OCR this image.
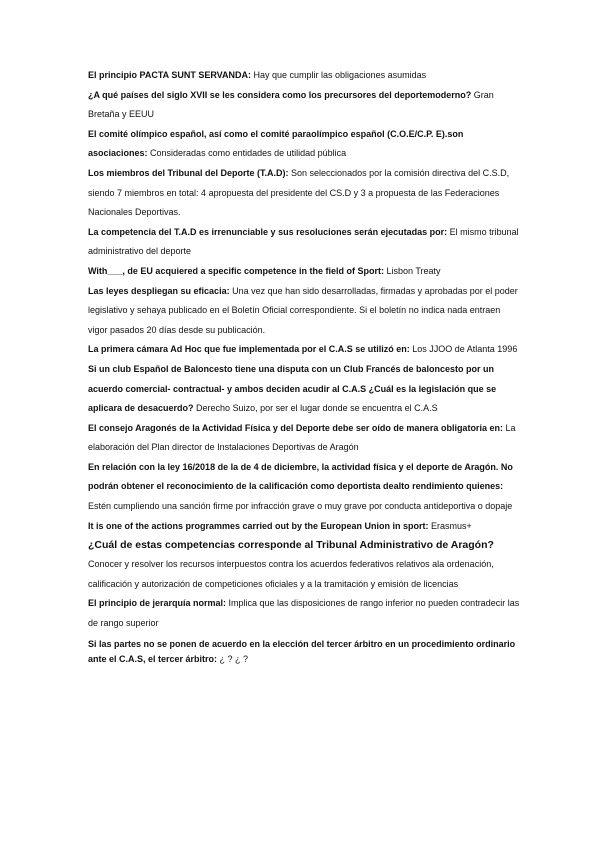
El principio PACTA SUNT SERVANDA: Hay que cumplir las obligaciones asumidas

¿A qué países del siglo XVII se les considera como los precursores del deportemoderno? Gran Bretaña y EEUU

El comité olímpico español, así como el comité paraolímpico español (C.O.E/C.P. E).son asociaciones: Consideradas como entidades de utilidad pública

Los miembros del Tribunal del Deporte (T.A.D): Son seleccionados por la comisión directiva del C.S.D, siendo 7 miembros en total: 4 apropuesta del presidente del CS.D y 3 a propuesta de las Federaciones Nacionales Deportivas.

La competencia del T.A.D es irrenunciable y sus resoluciones serán ejecutadas por: El mismo tribunal administrativo del deporte

With___, de EU acquiered a specific competence in the field of Sport: Lisbon Treaty

Las leyes despliegan su eficacia: Una vez que han sido desarrolladas, firmadas y aprobadas por el poder legislativo y sehaya publicado en el Boletín Oficial correspondiente. Si el boletín no indica nada entraen vigor pasados 20 días desde su publicación.

La primera cámara Ad Hoc que fue implementada por el C.A.S se utilizó en: Los JJOO de Atlanta 1996

Si un club Español de Baloncesto tiene una disputa con un Club Francés de baloncesto por un acuerdo comercial- contractual- y ambos deciden acudir al C.A.S ¿Cuál es la legislación que se aplicara de desacuerdo? Derecho Suizo, por ser el lugar donde se encuentra el C.A.S

El consejo Aragonés de la Actividad Física y del Deporte debe ser oído de manera obligatoria en: La elaboración del Plan director de Instalaciones Deportivas de Aragón

En relación con la ley 16/2018 de la de 4 de diciembre, la actividad física y el deporte de Aragón. No podrán obtener el reconocimiento de la calificación como deportista dealto rendimiento quienes: Estén cumpliendo una sanción firme por infracción grave o muy grave por conducta antideportiva o dopaje

It is one of the actions programmes carried out by the European Union in sport: Erasmus+

¿Cuál de estas competencias corresponde al Tribunal Administrativo de Aragón?

Conocer y resolver los recursos interpuestos contra los acuerdos federativos relativos ala ordenación, calificación y autorización de competiciones oficiales y a la tramitación y emisión de licencias

El principio de jerarquía normal: Implica que las disposiciones de rango inferior no pueden contradecir las de rango superior

Si las partes no se ponen de acuerdo en la elección del tercer árbitro en un procedimiento ordinario ante el C.A.S, el tercer árbitro: ¿ ? ¿ ?
